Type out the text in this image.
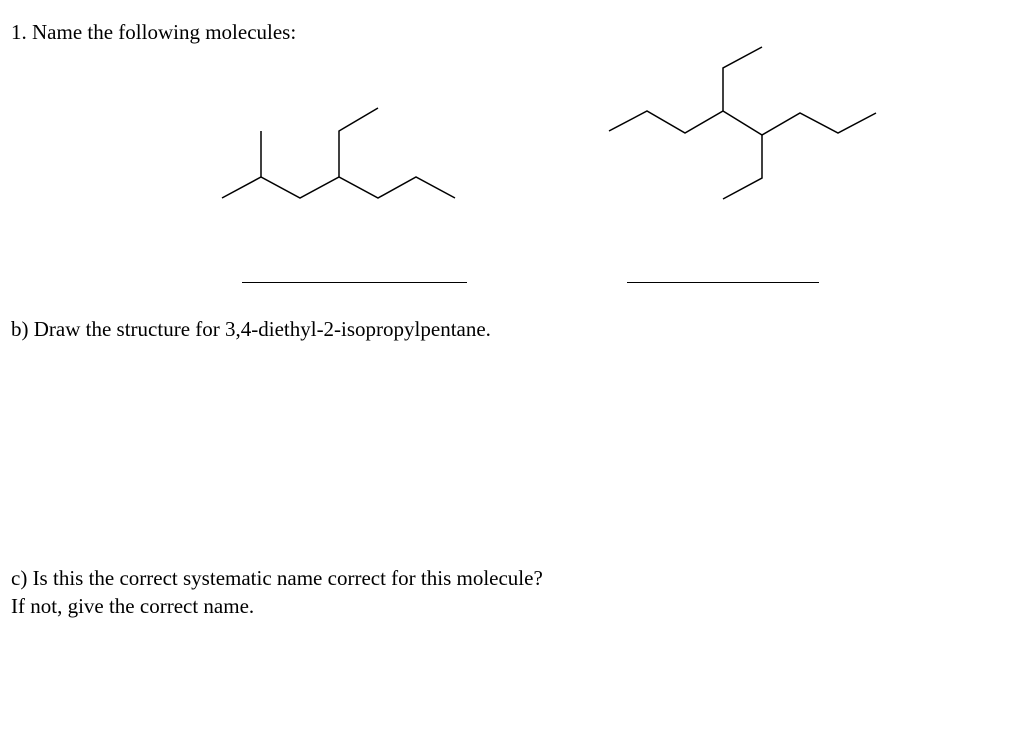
1. Name the following molecules:
b) Draw the structure for 3,4-diethyl-2-isopropylpentane.
c) Is this the correct systematic name correct for this molecule?
If not, give the correct name.
